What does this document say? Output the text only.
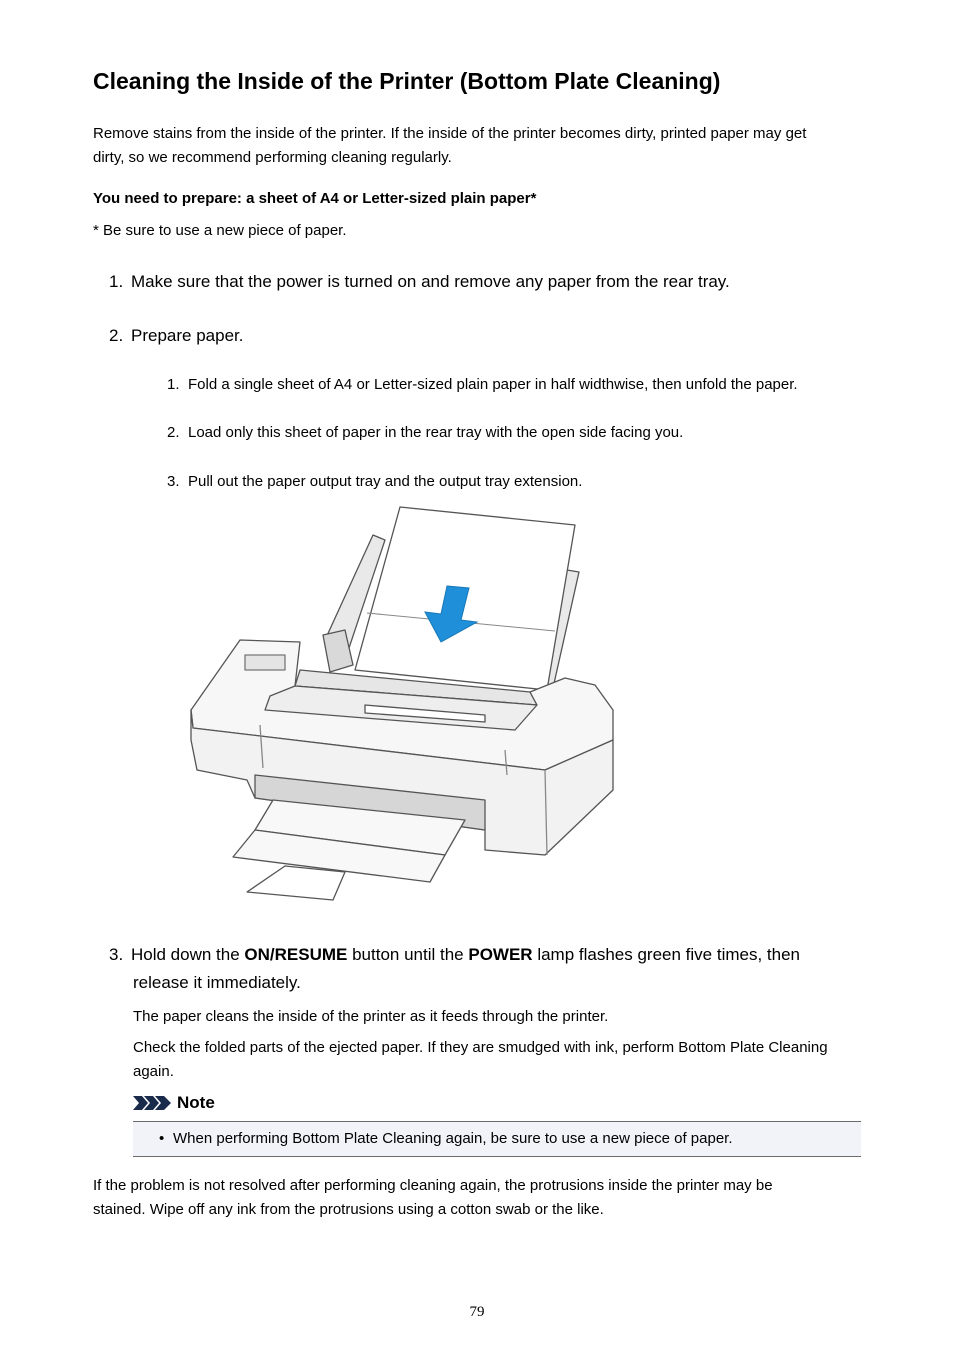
Cleaning the Inside of the Printer (Bottom Plate Cleaning)
Remove stains from the inside of the printer. If the inside of the printer becomes dirty, printed paper may get
dirty, so we recommend performing cleaning regularly.
You need to prepare: a sheet of A4 or Letter-sized plain paper*
* Be sure to use a new piece of paper.
1. Make sure that the power is turned on and remove any paper from the rear tray.
2. Prepare paper.
1. Fold a single sheet of A4 or Letter-sized plain paper in half widthwise, then unfold the paper.
2. Load only this sheet of paper in the rear tray with the open side facing you.
3. Pull out the paper output tray and the output tray extension.
3. Hold down the ON/RESUME button until the POWER lamp flashes green five times, then
release it immediately.
The paper cleans the inside of the printer as it feeds through the printer.
Check the folded parts of the ejected paper. If they are smudged with ink, perform Bottom Plate Cleaning
again.
Note
• When performing Bottom Plate Cleaning again, be sure to use a new piece of paper.
If the problem is not resolved after performing cleaning again, the protrusions inside the printer may be
stained. Wipe off any ink from the protrusions using a cotton swab or the like.
79
